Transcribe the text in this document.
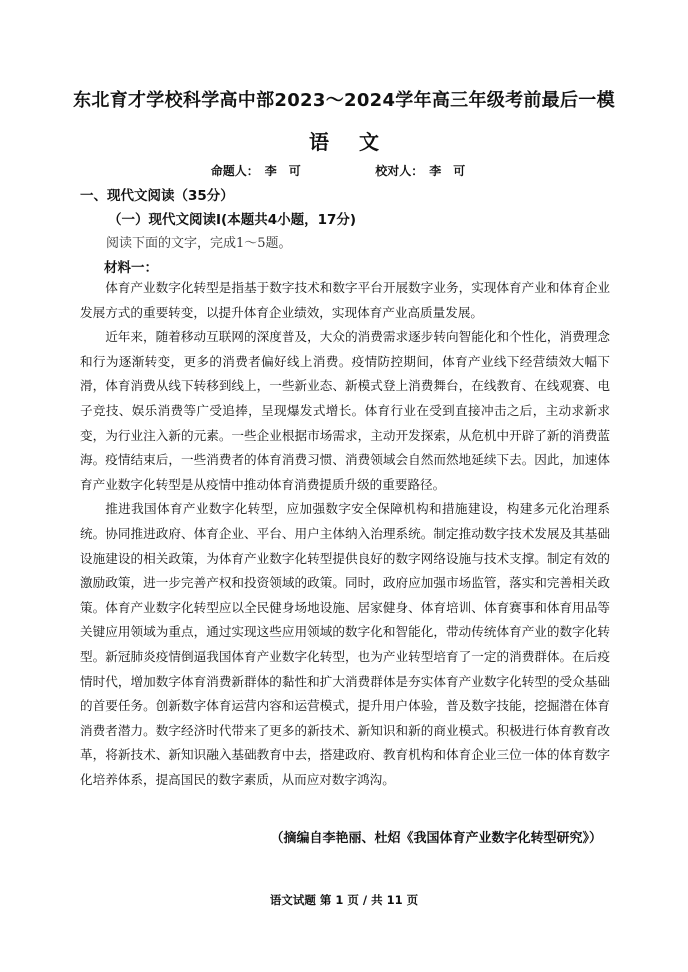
东北育才学校科学高中部2023～2024学年高三年级考前最后一模
语文
命题人： 李可	校对人： 李可
一、现代文阅读（35分）
（一）现代文阅读Ⅰ(本题共4小题，17分)
阅读下面的文字，完成1～5题。
材料一：

体育产业数字化转型是指基于数字技术和数字平台开展数字业务，实现体育产业和体育企业发展方式的重要转变，以提升体育企业绩效，实现体育产业高质量发展。

近年来，随着移动互联网的深度普及，大众的消费需求逐步转向智能化和个性化，消费理念和行为逐渐转变，更多的消费者偏好线上消费。疫情防控期间，体育产业线下经营绩效大幅下滑，体育消费从线下转移到线上，一些新业态、新模式登上消费舞台，在线教育、在线观赛、电子竞技、娱乐消费等广受追捧，呈现爆发式增长。体育行业在受到直接冲击之后，主动求新求变，为行业注入新的元素。一些企业根据市场需求，主动开发探索，从危机中开辟了新的消费蓝海。疫情结束后，一些消费者的体育消费习惯、消费领域会自然而然地延续下去。因此，加速体育产业数字化转型是从疫情中推动体育消费提质升级的重要路径。

推进我国体育产业数字化转型，应加强数字安全保障机构和措施建设，构建多元化治理系统。协同推进政府、体育企业、平台、用户主体纳入治理系统。制定推动数字技术发展及其基础设施建设的相关政策，为体育产业数字化转型提供良好的数字网络设施与技术支撑。制定有效的激励政策，进一步完善产权和投资领域的政策。同时，政府应加强市场监管，落实和完善相关政策。体育产业数字化转型应以全民健身场地设施、居家健身、体育培训、体育赛事和体育用品等关键应用领域为重点，通过实现这些应用领域的数字化和智能化，带动传统体育产业的数字化转型。新冠肺炎疫情倒逼我国体育产业数字化转型，也为产业转型培育了一定的消费群体。在后疫情时代，增加数字体育消费新群体的黏性和扩大消费群体是夯实体育产业数字化转型的受众基础的首要任务。创新数字体育运营内容和运营模式，提升用户体验，普及数字技能，挖掘潜在体育消费者潜力。数字经济时代带来了更多的新技术、新知识和新的商业模式。积极进行体育教育改革，将新技术、新知识融入基础教育中去，搭建政府、教育机构和体育企业三位一体的体育数字化培养体系，提高国民的数字素质，从而应对数字鸿沟。

（摘编自李艳丽、杜炤《我国体育产业数字化转型研究》）
语文试题 第 1 页 / 共 11 页
